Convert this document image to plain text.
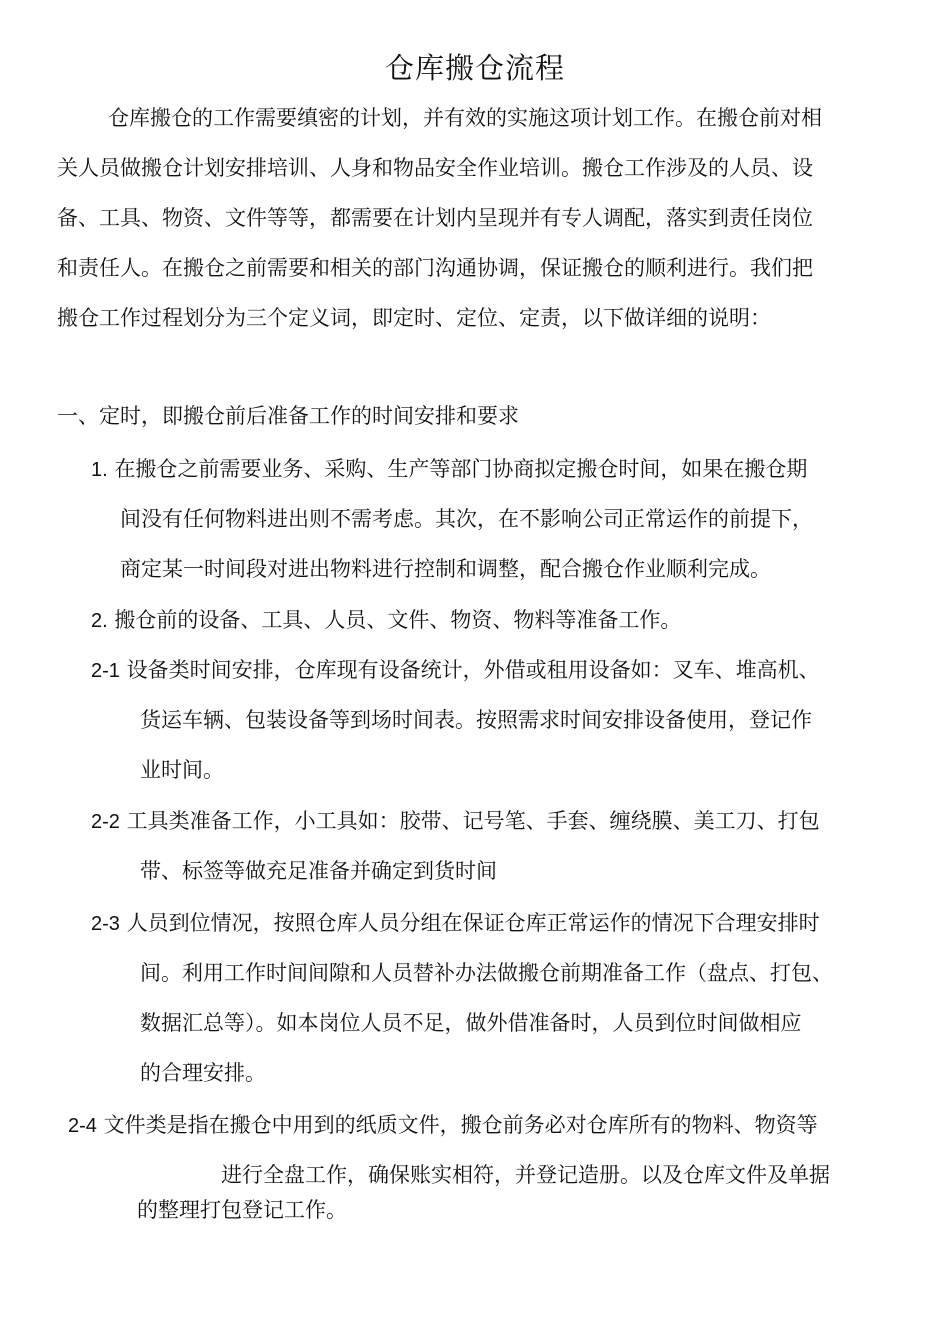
仓库搬仓流程
仓库搬仓的工作需要缜密的计划，并有效的实施这项计划工作。在搬仓前对相
关人员做搬仓计划安排培训、人身和物品安全作业培训。搬仓工作涉及的人员、设
备、工具、物资、文件等等，都需要在计划内呈现并有专人调配，落实到责任岗位
和责任人。在搬仓之前需要和相关的部门沟通协调，保证搬仓的顺利进行。我们把
搬仓工作过程划分为三个定义词，即定时、定位、定责，以下做详细的说明：
一、定时，即搬仓前后准备工作的时间安排和要求
1. 在搬仓之前需要业务、采购、生产等部门协商拟定搬仓时间，如果在搬仓期
间没有任何物料进出则不需考虑。其次，在不影响公司正常运作的前提下，
商定某一时间段对进出物料进行控制和调整，配合搬仓作业顺利完成。
2. 搬仓前的设备、工具、人员、文件、物资、物料等准备工作。
2-1 设备类时间安排，仓库现有设备统计，外借或租用设备如：叉车、堆高机、
货运车辆、包装设备等到场时间表。按照需求时间安排设备使用，登记作
业时间。
2-2 工具类准备工作，小工具如：胶带、记号笔、手套、缠绕膜、美工刀、打包
带、标签等做充足准备并确定到货时间
2-3 人员到位情况，按照仓库人员分组在保证仓库正常运作的情况下合理安排时
间。利用工作时间间隙和人员替补办法做搬仓前期准备工作（盘点、打包、
数据汇总等）。如本岗位人员不足，做外借准备时，人员到位时间做相应
的合理安排。
2-4 文件类是指在搬仓中用到的纸质文件，搬仓前务必对仓库所有的物料、物资等
进行全盘工作，确保账实相符，并登记造册。以及仓库文件及单据
的整理打包登记工作。
